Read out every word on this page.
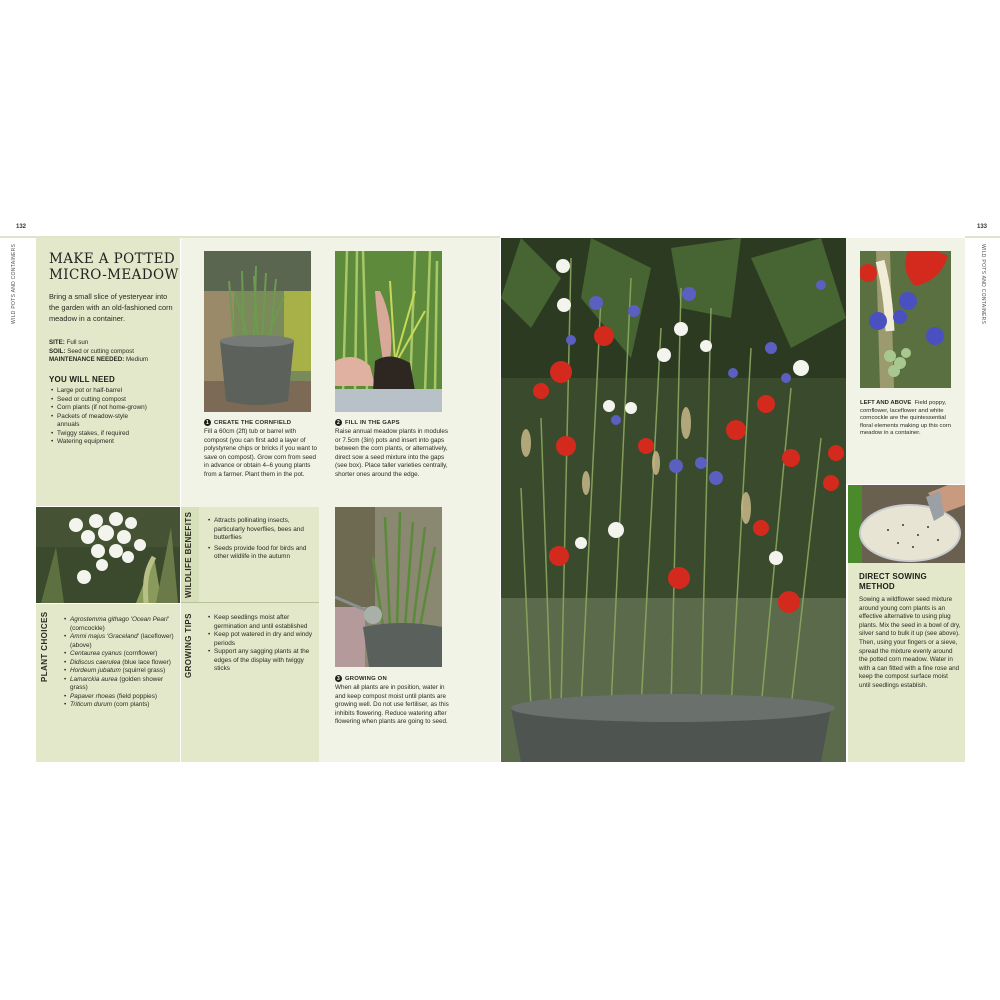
132
WILD POTS AND CONTAINERS MAKE A POTTED
MICRO-MEADOW
Bring a small slice of yesteryear into the garden with an old-fashioned corn meadow in a container.
SITE: Full sun
SOIL: Seed or cutting compost
MAINTENANCE NEEDED: Medium
YOU WILL NEED
• Large pot or half-barrel
• Seed or cutting compost
• Corn plants (if not home-grown)
• Packets of meadow-style annuals
• Twiggy stakes, if required
• Watering equipment
PLANT CHOICES	• Agrostemma githago 'Ocean Pearl' (corncockle)
• Ammi majus 'Graceland' (laceflower) (above)
• Centaurea cyanus (cornflower)
• Didiscus caerulea (blue lace flower)
• Hordeum jubatum (squirrel grass)
• Lamarckia aurea (golden shower grass)
• Papaver rhoeas (field poppies)
• Triticum durum (corn plants)
WILDLIFE BENEFITS	• Attracts pollinating insects, particularly hoverflies, bees and butterflies
• Seeds provide food for birds and other wildlife in the autumn
GROWING TIPS	• Keep seedlings moist after germination and until established
• Keep pot watered in dry and windy periods
• Support any sagging plants at the edges of the display with twiggy sticks
1 CREATE THE CORNFIELD
Fill a 60cm (2ft) tub or barrel with compost (you can first add a layer of polystyrene chips or bricks if you want to save on compost). Grow corn from seed in advance or obtain 4–6 young plants from a farmer. Plant them in the pot.
2 FILL IN THE GAPS
Raise annual meadow plants in modules or 7.5cm (3in) pots and insert into gaps between the corn plants, or alternatively, direct sow a seed mixture into the gaps (see box). Place taller varieties centrally, shorter ones around the edge.
3 GROWING ON
When all plants are in position, water in and keep compost moist until plants are growing well. Do not use fertiliser, as this inhibits flowering. Reduce watering after flowering when plants are going to seed.
133
WILD POTS AND CONTAINERS
LEFT AND ABOVE Field poppy, cornflower, laceflower and white corncockle are the quintessential floral elements making up this corn meadow in a container.
DIRECT SOWING
METHOD
Sowing a wildflower seed mixture around young corn plants is an effective alternative to using plug plants. Mix the seed in a bowl of dry, silver sand to bulk it up (see above). Then, using your fingers or a sieve, spread the mixture evenly around the potted corn meadow. Water in with a can fitted with a fine rose and keep the compost surface moist until seedlings establish.
